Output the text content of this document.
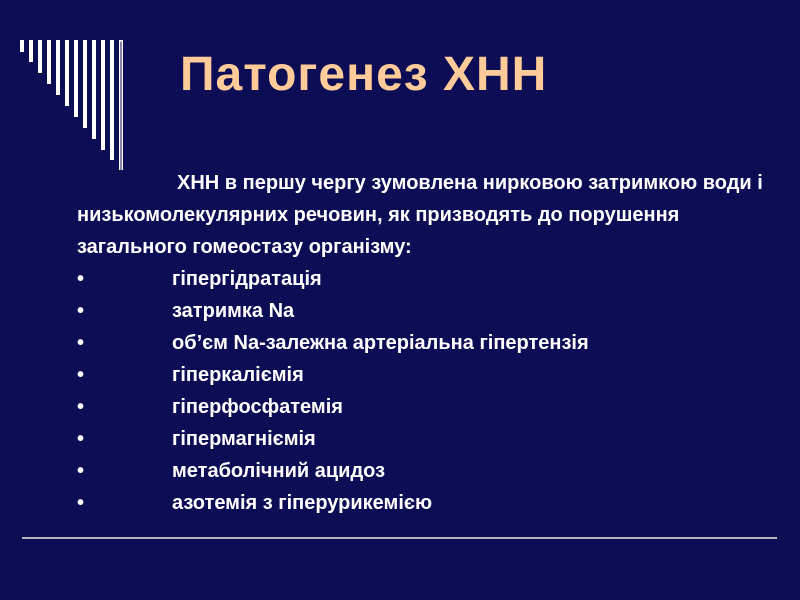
Патогенез ХНН

ХНН в першу чергу зумовлена нирковою затримкою води і низькомолекулярних речовин, як призводять до порушення загального гомеостазу організму:

•	гіпергідратація
•	затримка Na
•	об’єм Na-залежна артеріальна гіпертензія
•	гіперкаліємія
•	гіперфосфатемія
•	гіпермагніємія
•	метаболічний ацидоз
•	азотемія з гіперурикемією
